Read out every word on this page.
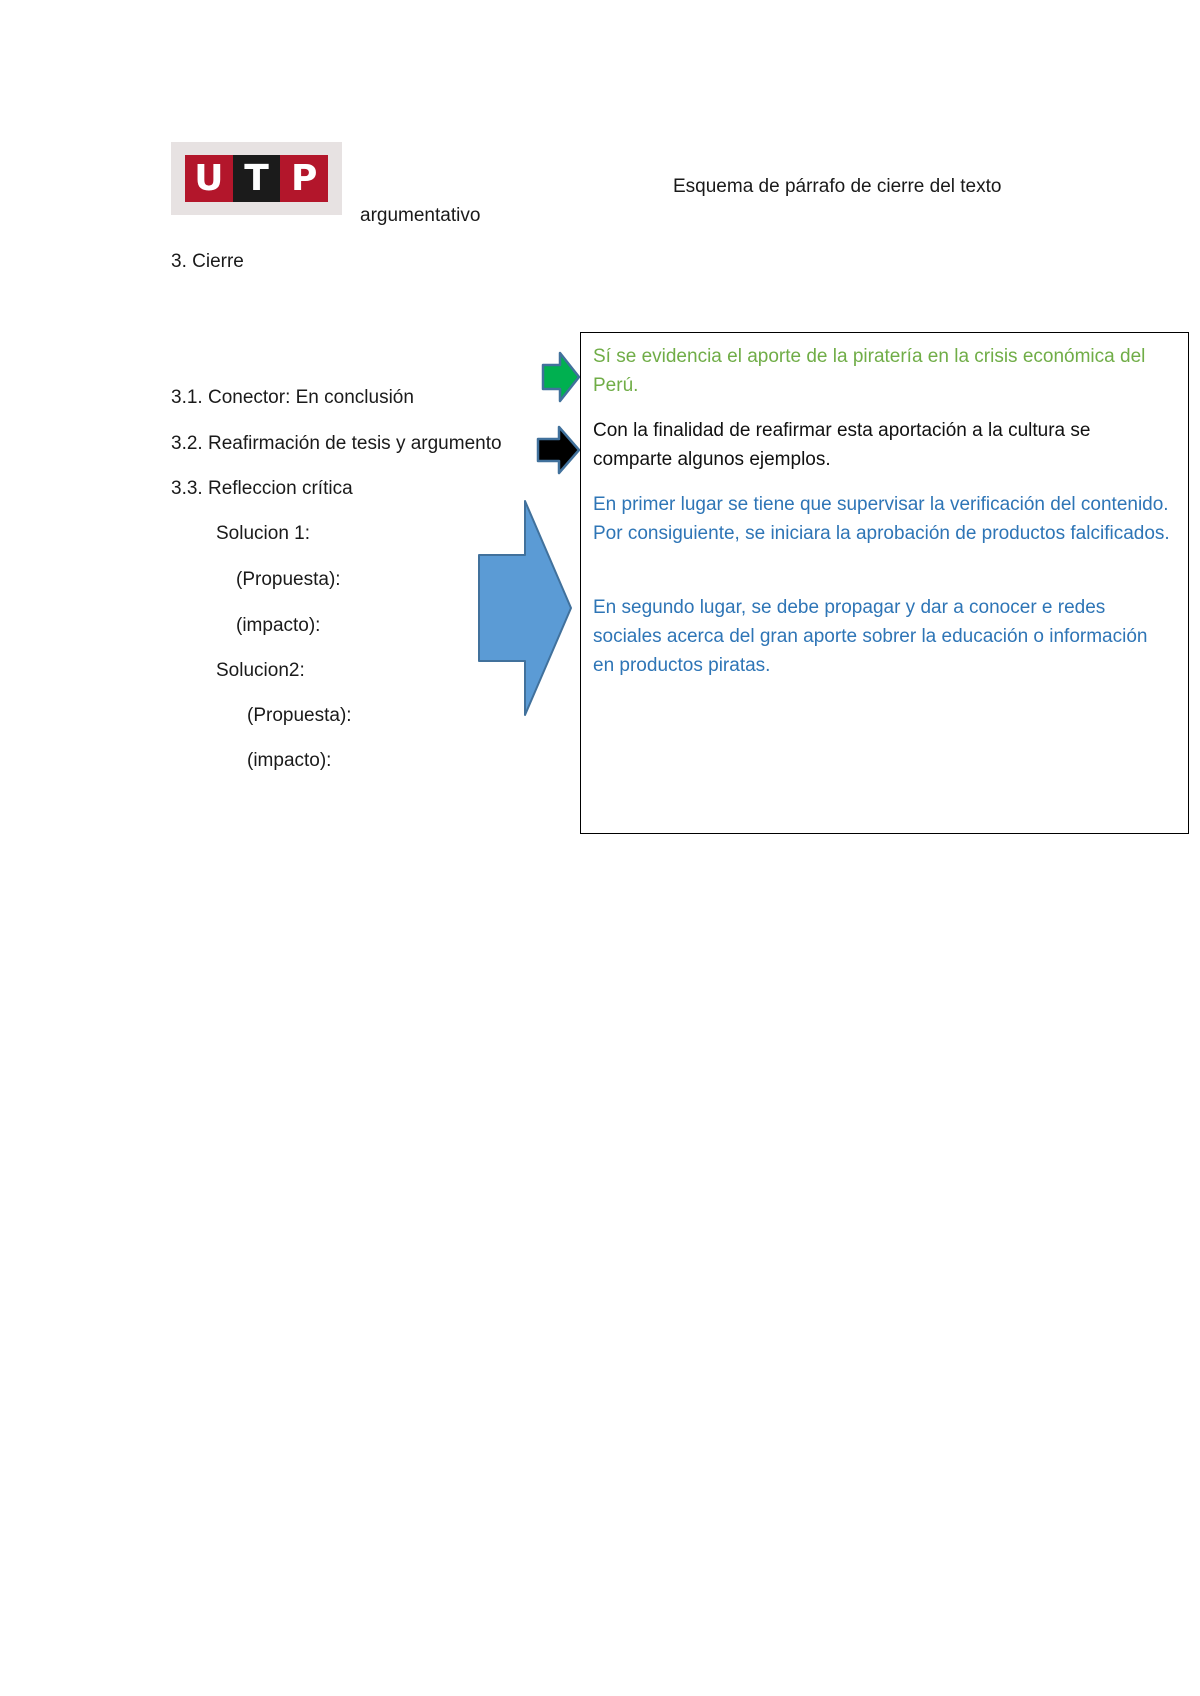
U T P	Esquema de párrafo de cierre del texto
argumentativo
3. Cierre
3.1. Conector: En conclusión
3.2. Reafirmación de tesis y argumento
3.3. Refleccion crítica
Solucion 1:
(Propuesta):
(impacto):
Solucion2:
(Propuesta):
(impacto):
Sí se evidencia el aporte de la piratería en la crisis económica del Perú.
Con la finalidad de reafirmar esta aportación a la cultura se comparte algunos ejemplos.
En primer lugar se tiene que supervisar la verificación del contenido. Por consiguiente, se iniciara la aprobación de productos falcificados.
En segundo lugar, se debe propagar y dar a conocer e redes sociales acerca del gran aporte sobrer la educación o información en productos piratas.
